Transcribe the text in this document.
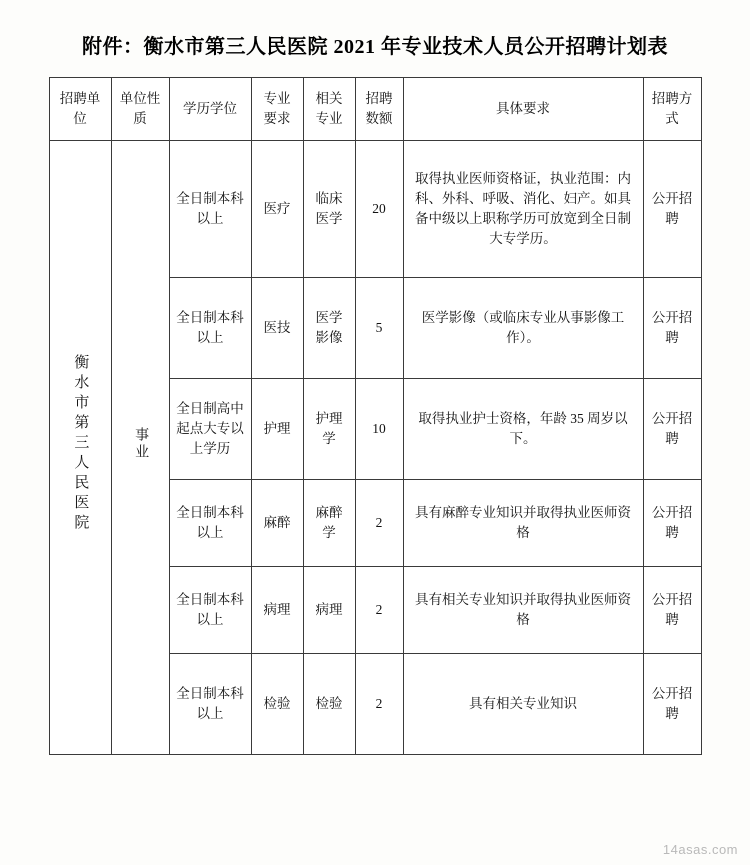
附件：衡水市第三人民医院 2021 年专业技术人员公开招聘计划表
招聘单位	单位性质	学历学位	专业要求	相关专业	招聘数额	具体要求	招聘方式
衡水市第三人民医院	事业	全日制本科以上	医疗	临床医学	20	取得执业医师资格证，执业范围：内科、外科、呼吸、消化、妇产。如具备中级以上职称学历可放宽到全日制大专学历。	公开招聘
		全日制本科以上	医技	医学影像	5	医学影像（或临床专业从事影像工作）。	公开招聘
		全日制高中起点大专以上学历	护理	护理学	10	取得执业护士资格，年龄 35 周岁以下。	公开招聘
		全日制本科以上	麻醉	麻醉学	2	具有麻醉专业知识并取得执业医师资格	公开招聘
		全日制本科以上	病理	病理	2	具有相关专业知识并取得执业医师资格	公开招聘
		全日制本科以上	检验	检验	2	具有相关专业知识	公开招聘
14asas.com
